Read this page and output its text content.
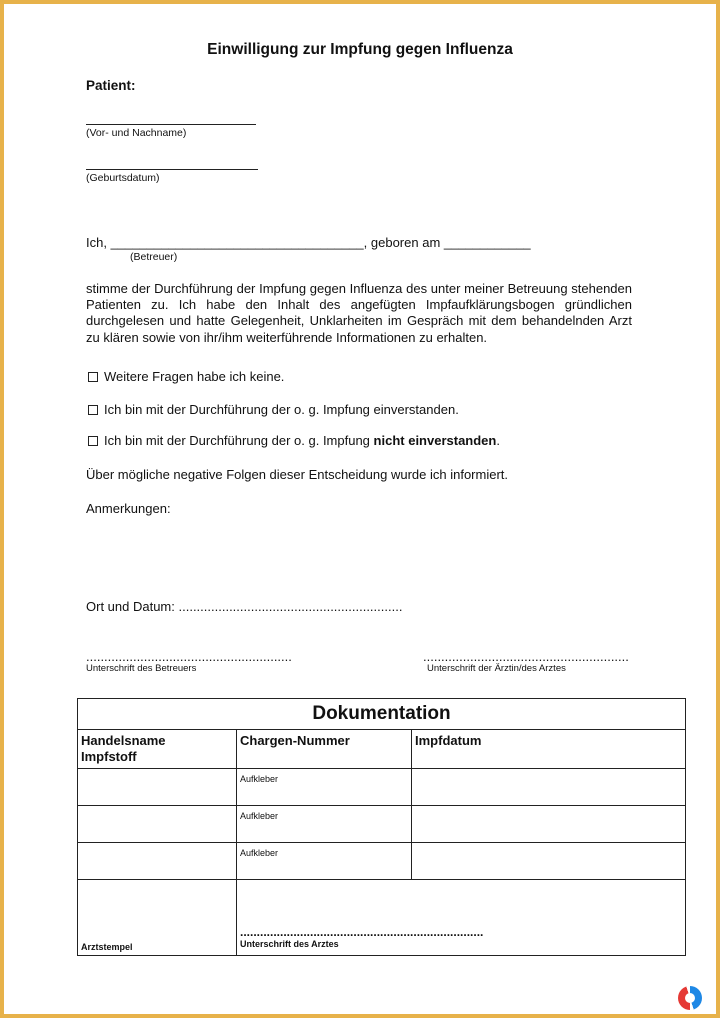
Einwilligung zur Impfung gegen Influenza
Patient:
(Vor- und Nachname)
(Geburtsdatum)
Ich, ___________________________________, geboren am ____________
(Betreuer)
stimme der Durchführung der Impfung gegen Influenza des unter meiner Betreuung stehenden Patienten zu. Ich habe den Inhalt des angefügten Impfaufklärungsbogen gründlichen durchgelesen und hatte Gelegenheit, Unklarheiten im Gespräch mit dem behandelnden Arzt zu klären sowie von ihr/ihm weiterführende Informationen zu erhalten.
Weitere Fragen habe ich keine.
Ich bin mit der Durchführung der o. g. Impfung einverstanden.
Ich bin mit der Durchführung der o. g. Impfung nicht einverstanden.
Über mögliche negative Folgen dieser Entscheidung wurde ich informiert.
Anmerkungen:
Ort und Datum: ..............................................................
.........................................................
Unterschrift des Betreuers
.........................................................
Unterschrift der Ärztin/des Arztes
Dokumentation		

Handelsname
Impfstoff	Chargen-Nummer	Impfdatum
	Aufkleber	
	Aufkleber	
	Aufkleber	

Arztstempel	.........................................................................
Unterschrift des Arztes	
